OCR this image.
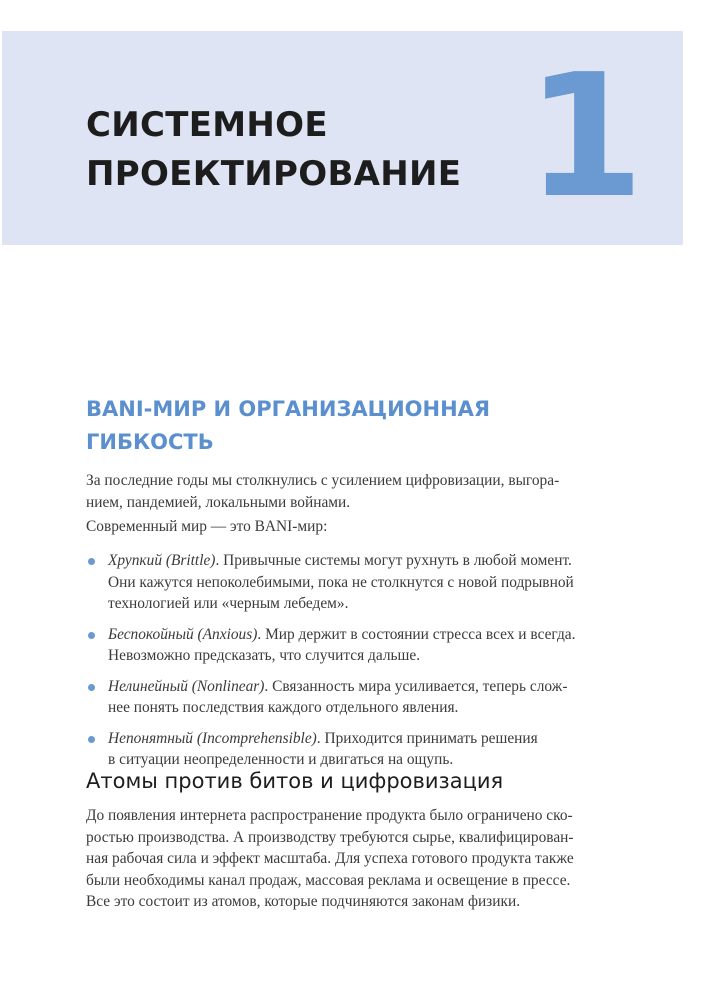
СИСТЕМНОЕ
ПРОЕКТИРОВАНИЕ 1
BANI-МИР И ОРГАНИЗАЦИОННАЯ
ГИБКОСТЬ

За последние годы мы столкнулись с усилением цифровизации, выгора-
нием, пандемией, локальными войнами.

Современный мир — это BANI-мир:

Хрупкий (Brittle). Привычные системы могут рухнуть в любой момент.
Они кажутся непоколебимыми, пока не столкнутся с новой подрывной
технологией или «черным лебедем».
Беспокойный (Anxious). Мир держит в состоянии стресса всех и всегда.
Невозможно предсказать, что случится дальше.
Нелинейный (Nonlinear). Связанность мира усиливается, теперь слож-
нее понять последствия каждого отдельного явления.
Непонятный (Incomprehensible). Приходится принимать решения
в ситуации неопределенности и двигаться на ощупь.
Атомы против битов и цифровизация

До появления интернета распространение продукта было ограничено ско-
ростью производства. А производству требуются сырье, квалифицирован-
ная рабочая сила и эффект масштаба. Для успеха готового продукта также
были необходимы канал продаж, массовая реклама и освещение в прессе.
Все это состоит из атомов, которые подчиняются законам физики.
